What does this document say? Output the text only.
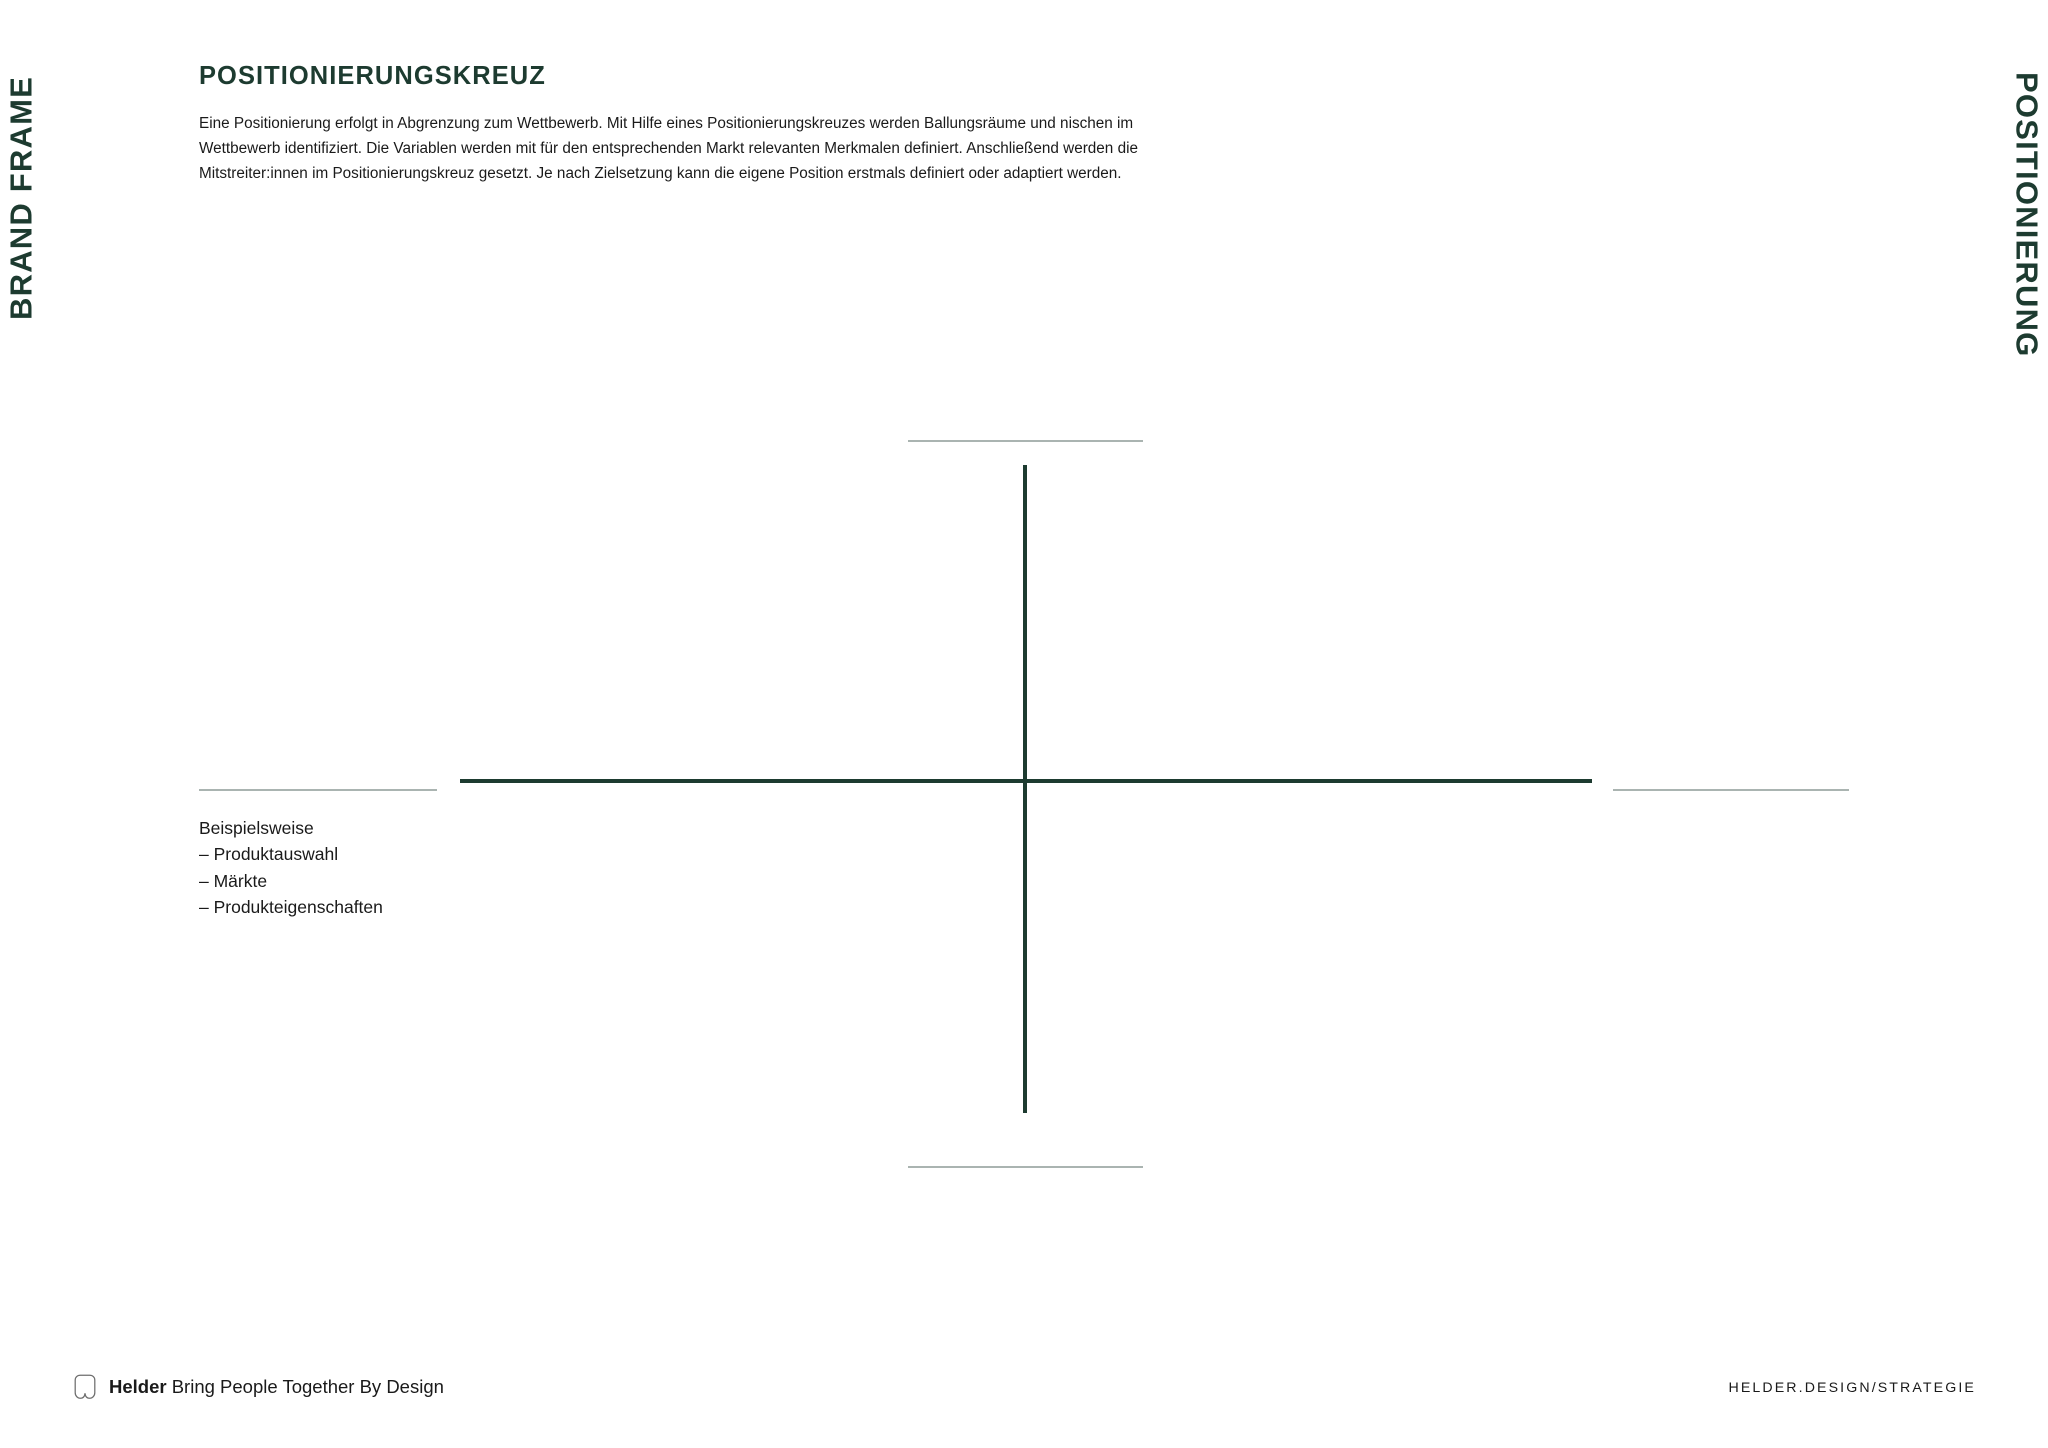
BRAND FRAME	POSITIONIERUNG
POSITIONIERUNGSKREUZ

Eine Positionierung erfolgt in Abgrenzung zum Wettbewerb. Mit Hilfe eines Positionierungskreuzes werden Ballungsräume und nischen im Wettbewerb identifiziert. Die Variablen werden mit für den entsprechenden Markt relevanten Merkmalen definiert. Anschließend werden die Mitstreiter:innen im Positionierungskreuz gesetzt. Je nach Zielsetzung kann die eigene Position erstmals definiert oder adaptiert werden.

Beispielsweise
– Produktauswahl
– Märkte
– Produkteigenschaften
Helder Bring People Together By Design	HELDER.DESIGN/STRATEGIE
